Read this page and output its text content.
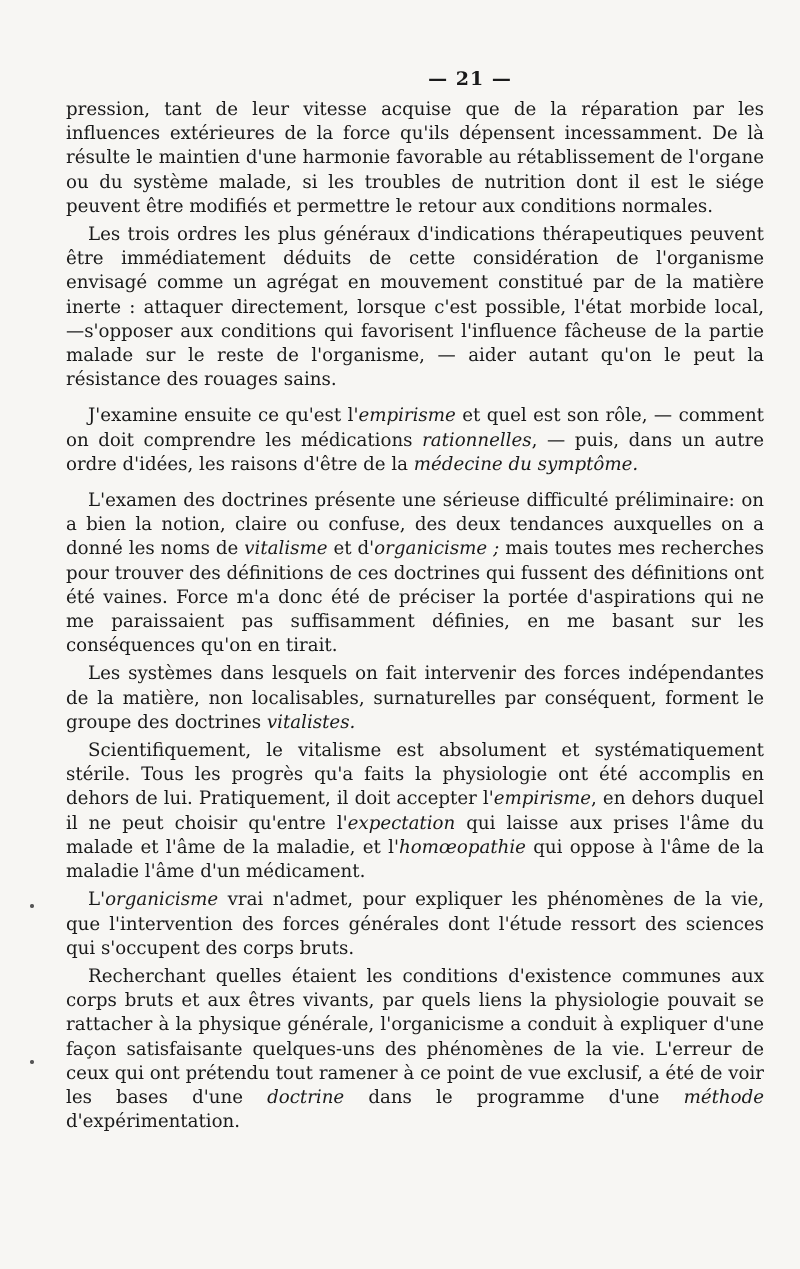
— 21 —

pression, tant de leur vitesse acquise que de la réparation par les influences extérieures de la force qu'ils dépensent incessamment. De là résulte le maintien d'une harmonie favorable au rétablissement de l'organe ou du système malade, si les troubles de nutrition dont il est le siége peuvent être modifiés et permettre le retour aux conditions normales.

Les trois ordres les plus généraux d'indications thérapeutiques peuvent être immédiatement déduits de cette considération de l'organisme envisagé comme un agrégat en mouvement constitué par de la matière inerte : attaquer directement, lorsque c'est possible, l'état morbide local, —s'opposer aux conditions qui favorisent l'influence fâcheuse de la partie malade sur le reste de l'organisme, — aider autant qu'on le peut la résistance des rouages sains.

J'examine ensuite ce qu'est l'empirisme et quel est son rôle, — comment on doit comprendre les médications rationnelles, — puis, dans un autre ordre d'idées, les raisons d'être de la médecine du symptôme.

L'examen des doctrines présente une sérieuse difficulté préliminaire: on a bien la notion, claire ou confuse, des deux tendances auxquelles on a donné les noms de vitalisme et d'organicisme ; mais toutes mes recherches pour trouver des définitions de ces doctrines qui fussent des définitions ont été vaines. Force m'a donc été de préciser la portée d'aspirations qui ne me paraissaient pas suffisamment définies, en me basant sur les conséquences qu'on en tirait.

Les systèmes dans lesquels on fait intervenir des forces indépendantes de la matière, non localisables, surnaturelles par conséquent, forment le groupe des doctrines vitalistes.

Scientifiquement, le vitalisme est absolument et systématiquement stérile. Tous les progrès qu'a faits la physiologie ont été accomplis en dehors de lui. Pratiquement, il doit accepter l'empirisme, en dehors duquel il ne peut choisir qu'entre l'expectation qui laisse aux prises l'âme du malade et l'âme de la maladie, et l'homœopathie qui oppose à l'âme de la maladie l'âme d'un médicament.

L'organicisme vrai n'admet, pour expliquer les phénomènes de la vie, que l'intervention des forces générales dont l'étude ressort des sciences qui s'occupent des corps bruts.

Recherchant quelles étaient les conditions d'existence communes aux corps bruts et aux êtres vivants, par quels liens la physiologie pouvait se rattacher à la physique générale, l'organicisme a conduit à expliquer d'une façon satisfaisante quelques-uns des phénomènes de la vie. L'erreur de ceux qui ont prétendu tout ramener à ce point de vue exclusif, a été de voir les bases d'une doctrine dans le programme d'une méthode d'expérimentation.
